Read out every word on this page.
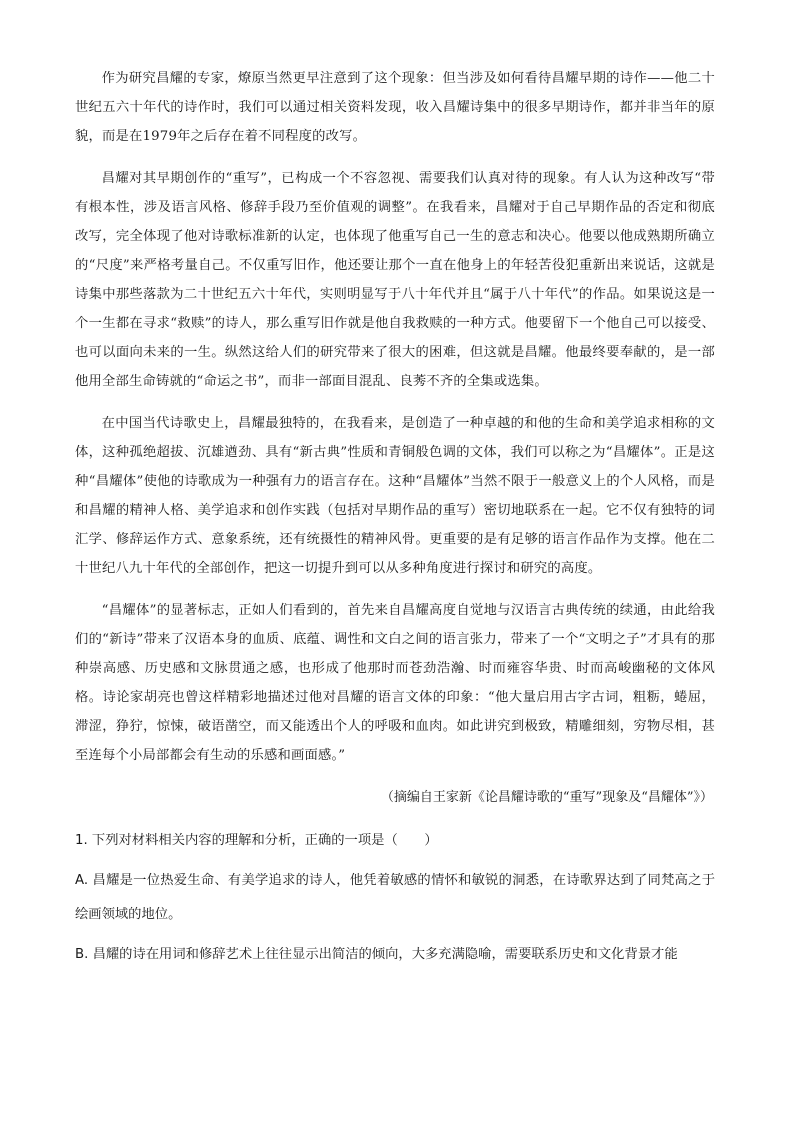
作为研究昌耀的专家，燎原当然更早注意到了这个现象：但当涉及如何看待昌耀早期的诗作——他二十世纪五六十年代的诗作时，我们可以通过相关资料发现，收入昌耀诗集中的很多早期诗作，都并非当年的原貌，而是在1979年之后存在着不同程度的改写。

昌耀对其早期创作的“重写”，已构成一个不容忽视、需要我们认真对待的现象。有人认为这种改写“带有根本性，涉及语言风格、修辞手段乃至价值观的调整”。在我看来，昌耀对于自己早期作品的否定和彻底改写，完全体现了他对诗歌标准新的认定，也体现了他重写自己一生的意志和决心。他要以他成熟期所确立的“尺度”来严格考量自己。不仅重写旧作，他还要让那个一直在他身上的年轻苦役犯重新出来说话，这就是诗集中那些落款为二十世纪五六十年代，实则明显写于八十年代并且“属于八十年代”的作品。如果说这是一个一生都在寻求“救赎”的诗人，那么重写旧作就是他自我救赎的一种方式。他要留下一个他自己可以接受、也可以面向未来的一生。纵然这给人们的研究带来了很大的困难，但这就是昌耀。他最终要奉献的，是一部他用全部生命铸就的“命运之书”，而非一部面目混乱、良莠不齐的全集或选集。

在中国当代诗歌史上，昌耀最独特的，在我看来，是创造了一种卓越的和他的生命和美学追求相称的文体，这种孤绝超拔、沉雄遒劲、具有“新古典”性质和青铜般色调的文体，我们可以称之为“昌耀体”。正是这种“昌耀体”使他的诗歌成为一种强有力的语言存在。这种“昌耀体”当然不限于一般意义上的个人风格，而是和昌耀的精神人格、美学追求和创作实践（包括对早期作品的重写）密切地联系在一起。它不仅有独特的词汇学、修辞运作方式、意象系统，还有统摄性的精神风骨。更重要的是有足够的语言作品作为支撑。他在二十世纪八九十年代的全部创作，把这一切提升到可以从多种角度进行探讨和研究的高度。

“昌耀体”的显著标志，正如人们看到的，首先来自昌耀高度自觉地与汉语言古典传统的续通，由此给我们的“新诗”带来了汉语本身的血质、底蕴、调性和文白之间的语言张力，带来了一个“文明之子”才具有的那种崇高感、历史感和文脉贯通之感，也形成了他那时而苍劲浩瀚、时而雍容华贵、时而高峻幽秘的文体风格。诗论家胡亮也曾这样精彩地描述过他对昌耀的语言文体的印象：“他大量启用古字古词，粗粝，蜷屈，滞涩，狰狞，惊悚，破语凿空，而又能透出个人的呼吸和血肉。如此讲究到极致，精雕细刻，穷物尽相，甚至连每个小局部都会有生动的乐感和画面感。”

（摘编自王家新《论昌耀诗歌的“重写”现象及“昌耀体”》）

1. 下列对材料相关内容的理解和分析，正确的一项是（　　）

A. 昌耀是一位热爱生命、有美学追求的诗人，他凭着敏感的情怀和敏锐的洞悉，在诗歌界达到了同梵高之于绘画领域的地位。

B. 昌耀的诗在用词和修辞艺术上往往显示出简洁的倾向，大多充满隐喻，需要联系历史和文化背景才能
